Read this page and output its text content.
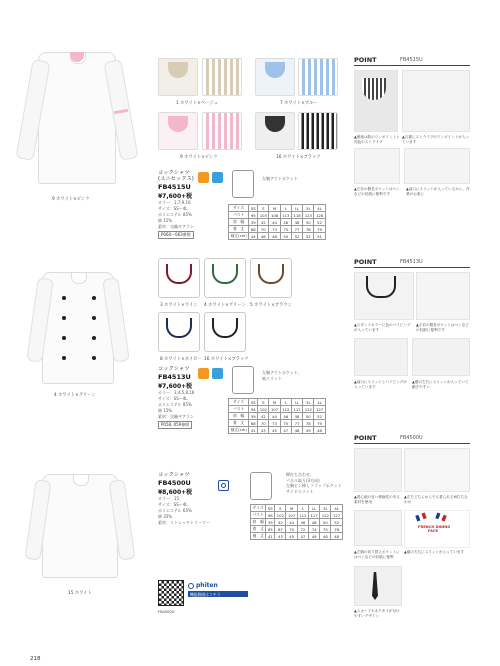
9 ホワイト×ピンク
1 ホワイト×ベージュ	7 ホワイト×ブルー
9 ホワイト×ピンク	16 ホワイト×ブラック
コックシャツ
(ユニセックス)
FB4515U
¥7,600+税
カラー：1,7,9,16
サイズ：SS〜4L
ポリエステル 85%
綿 15%
素材：交織ギアラン
P060〜063参照
左胸アウトポケット
サイズ	SS	S	M	L	LL	3L	4L
バスト	95	103	108	113	118	123	128
肩　幅	39	42	44	46	48	50	52
着　丈	68	70	73	75	77	78	79
袖丈(cm)	44	46	48	50	52	52	51
POINT	FB4515U
▲裏地は肌のワンポイントと同色のストライプ
▲衣裾にストライプのワンポイントが入っています
▲左衿の側長ポケットはペンなどの収納に便利です
▲袖口にスリットが入っているから、作業がお楽に
4 ホワイト×グリーン
3 ホワイト×ワイン 4 ホワイト×グリーン 5 ホワイト×ブラウン
8 ホワイト×ネイビー 16 ホワイト×ブラック
コックシャツ
FB4513U
¥7,600+税
カラー：3,4,5,8,16
サイズ：SS〜4L
ポリエステル 85%
綿 15%
素材：交織ギアラン
P058, 059参照
左胸アウトポケット、
袖スリット
サイズ	SS	S	M	L	LL	3L	4L
バスト	94	102	107	112	117	122	127
肩　幅	39	42	44	46	48	50	52
着　丈	68	70	73	75	77	78	79
袖丈(cm)	41	43	45	47	48	49	48
POINT	FB4513U
▲スタンドカラーに色のパイピングが入っています
▲左衿の側長ポケットはペンなどの収納に便利です
▲袖口にスリットとパイピングが入っています
▲裾の左右にスリットが入っていて動きやすい
15 ホワイト
コックシャツ
FB4500U
¥8,600+税
カラー：15
サイズ：SS〜4L
ポリエステル 65%
綿 35%
素材：ストレッチトリーマー
W打ち合わせ、
パネル取り(3方向)
左胸ピン挿しフラップポケット
サイドスリット
サイズ	SS	S	M	L	LL	3L	4L
バスト	98	102	107	112	117	122	127
肩　幅	39	42	44	46	48	50	52
着　丈	65	67	70	72	74	75	76
袖　丈	41	43	45	47	49	48	48
FB4500U
phiten
機能動画はコチラ
POINT	FB4500U
▲着心地の良い伸縮性のある素材を使用
▲左右どちらからでも着られるW打ち合わせ
FRENCH DINING
FACE
▲左胸の切り替えポケットにはペンなどの収納に便利
▲裾の左右にスリットが入っています
▲スカーフやネクタイが付けやすいデザイン
218
